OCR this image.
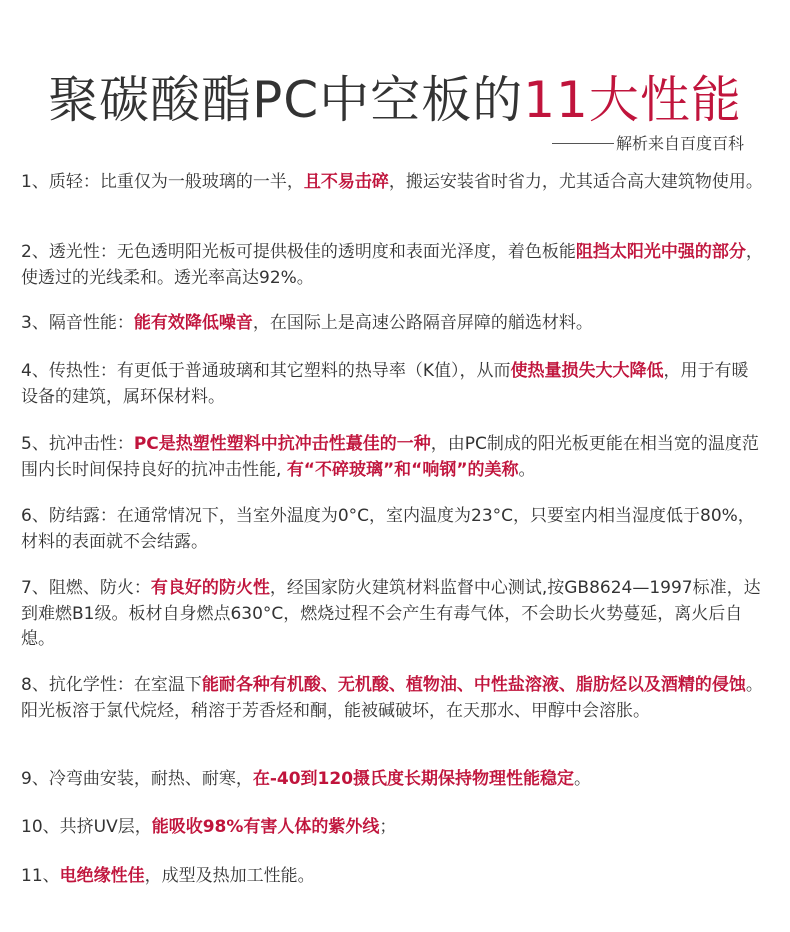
聚碳酸酯PC中空板的11大性能
解析来自百度百科

1、质轻：比重仅为一般玻璃的一半，且不易击碎，搬运安装省时省力，尤其适合高大建筑物使用。

2、透光性：无色透明阳光板可提供极佳的透明度和表面光泽度，着色板能阻挡太阳光中强的部分，使透过的光线柔和。透光率高达92%。

3、隔音性能：能有效降低噪音，在国际上是高速公路隔音屏障的艏选材料。

4、传热性：有更低于普通玻璃和其它塑料的热导率（K值），从而使热量损失大大降低，用于有暖设备的建筑，属环保材料。

5、抗冲击性：PC是热塑性塑料中抗冲击性蕞佳的一种，由PC制成的阳光板更能在相当宽的温度范围内长时间保持良好的抗冲击性能, 有“不碎玻璃”和“响钢”的美称。

6、防结露：在通常情况下，当室外温度为0°C，室内温度为23°C，只要室内相当湿度低于80%，材料的表面就不会结露。

7、阻燃、防火：有良好的防火性，经国家防火建筑材料监督中心测试,按GB8624—1997标准，达到难燃B1级。板材自身燃点630°C，燃烧过程不会产生有毒气体，不会助长火势蔓延，离火后自熄。

8、抗化学性：在室温下能耐各种有机酸、无机酸、植物油、中性盐溶液、脂肪烃以及酒精的侵蚀。阳光板溶于氯代烷烃，稍溶于芳香烃和酮，能被碱破坏，在天那水、甲醇中会溶胀。

9、冷弯曲安装，耐热、耐寒，在-40到120摄氏度长期保持物理性能稳定。

10、共挤UV层，能吸收98%有害人体的紫外线；

11、电绝缘性佳，成型及热加工性能。
